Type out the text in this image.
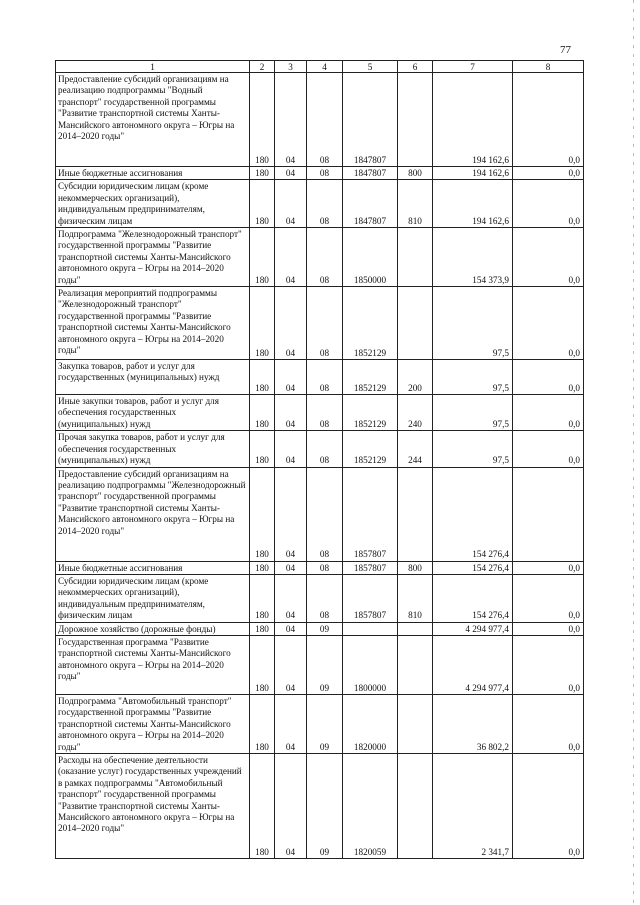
77
1	2	3	4	5	6	7	8
Предоставление субсидий организациям на реализацию подпрограммы "Водный транспорт" государственной программы "Развитие транспортной системы Ханты-Мансийского автономного округа – Югры на 2014–2020 годы"	180	04	08	1847807		194 162,6	0,0
Иные бюджетные ассигнования	180	04	08	1847807	800	194 162,6	0,0
Субсидии юридическим лицам (кроме некоммерческих организаций), индивидуальным предпринимателям, физическим лицам	180	04	08	1847807	810	194 162,6	0,0
Подпрограмма "Железнодорожный транспорт" государственной программы "Развитие транспортной системы Ханты-Мансийского автономного округа – Югры на 2014–2020 годы"	180	04	08	1850000		154 373,9	0,0
Реализация мероприятий подпрограммы "Железнодорожный транспорт" государственной программы "Развитие транспортной системы Ханты-Мансийского автономного округа – Югры на 2014–2020 годы"	180	04	08	1852129		97,5	0,0
Закупка товаров, работ и услуг для государственных (муниципальных) нужд	180	04	08	1852129	200	97,5	0,0
Иные закупки товаров, работ и услуг для обеспечения государственных (муниципальных) нужд	180	04	08	1852129	240	97,5	0,0
Прочая закупка товаров, работ и услуг для обеспечения государственных (муниципальных) нужд	180	04	08	1852129	244	97,5	0,0
Предоставление субсидий организациям на реализацию подпрограммы "Железнодорожный транспорт" государственной программы "Развитие транспортной системы Ханты-Мансийского автономного округа – Югры на 2014–2020 годы"	180	04	08	1857807		154 276,4	
Иные бюджетные ассигнования	180	04	08	1857807	800	154 276,4	0,0
Субсидии юридическим лицам (кроме некоммерческих организаций), индивидуальным предпринимателям, физическим лицам	180	04	08	1857807	810	154 276,4	0,0
Дорожное хозяйство (дорожные фонды)	180	04	09			4 294 977,4	0,0
Государственная программа "Развитие транспортной системы Ханты-Мансийского автономного округа – Югры на 2014–2020 годы"	180	04	09	1800000		4 294 977,4	0,0
Подпрограмма "Автомобильный транспорт" государственной программы "Развитие транспортной системы Ханты-Мансийского автономного округа – Югры на 2014–2020 годы"	180	04	09	1820000		36 802,2	0,0
Расходы на обеспечение деятельности (оказание услуг) государственных учреждений в рамках подпрограммы "Автомобильный транспорт" государственной программы "Развитие транспортной системы Ханты-Мансийского автономного округа – Югры на 2014–2020 годы"	180	04	09	1820059		2 341,7	0,0
